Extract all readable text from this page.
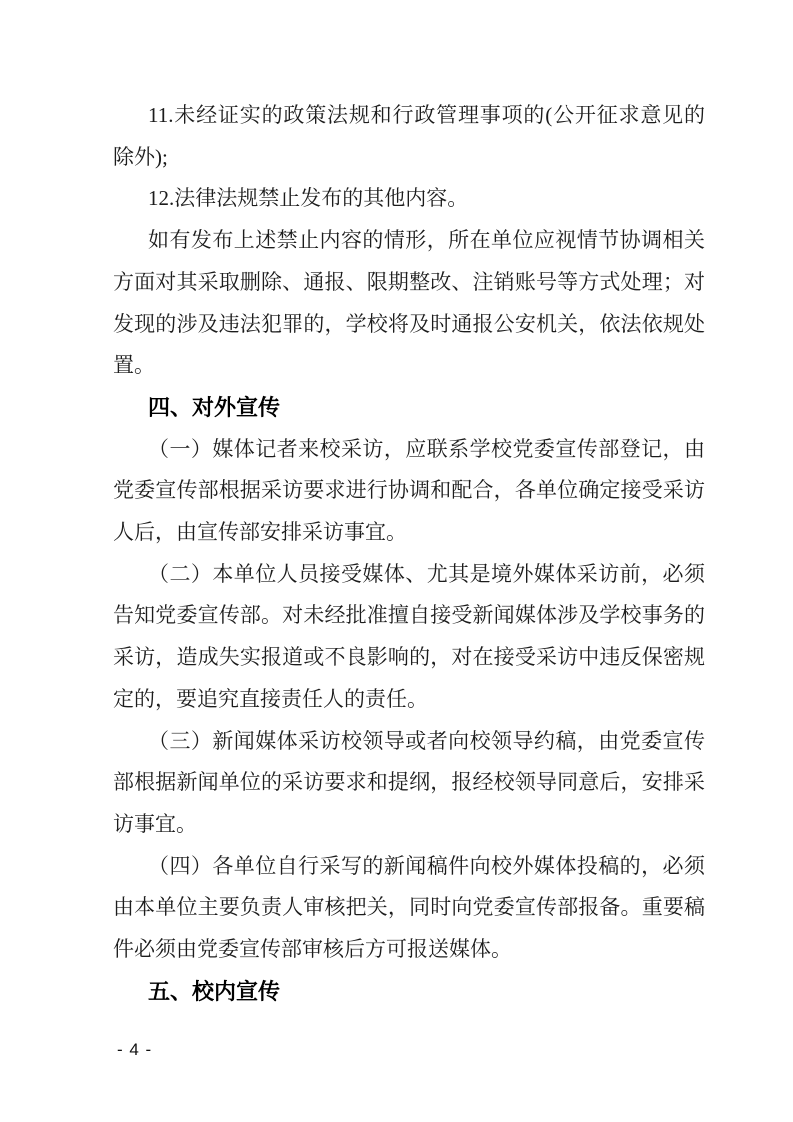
11.未经证实的政策法规和行政管理事项的(公开征求意见的除外);

12.法律法规禁止发布的其他内容。

如有发布上述禁止内容的情形，所在单位应视情节协调相关方面对其采取删除、通报、限期整改、注销账号等方式处理；对发现的涉及违法犯罪的，学校将及时通报公安机关，依法依规处置。

四、对外宣传

（一）媒体记者来校采访，应联系学校党委宣传部登记，由党委宣传部根据采访要求进行协调和配合，各单位确定接受采访人后，由宣传部安排采访事宜。

（二）本单位人员接受媒体、尤其是境外媒体采访前，必须告知党委宣传部。对未经批准擅自接受新闻媒体涉及学校事务的采访，造成失实报道或不良影响的，对在接受采访中违反保密规定的，要追究直接责任人的责任。

（三）新闻媒体采访校领导或者向校领导约稿，由党委宣传部根据新闻单位的采访要求和提纲，报经校领导同意后，安排采访事宜。

（四）各单位自行采写的新闻稿件向校外媒体投稿的，必须由本单位主要负责人审核把关，同时向党委宣传部报备。重要稿件必须由党委宣传部审核后方可报送媒体。

五、校内宣传
- 4 -
